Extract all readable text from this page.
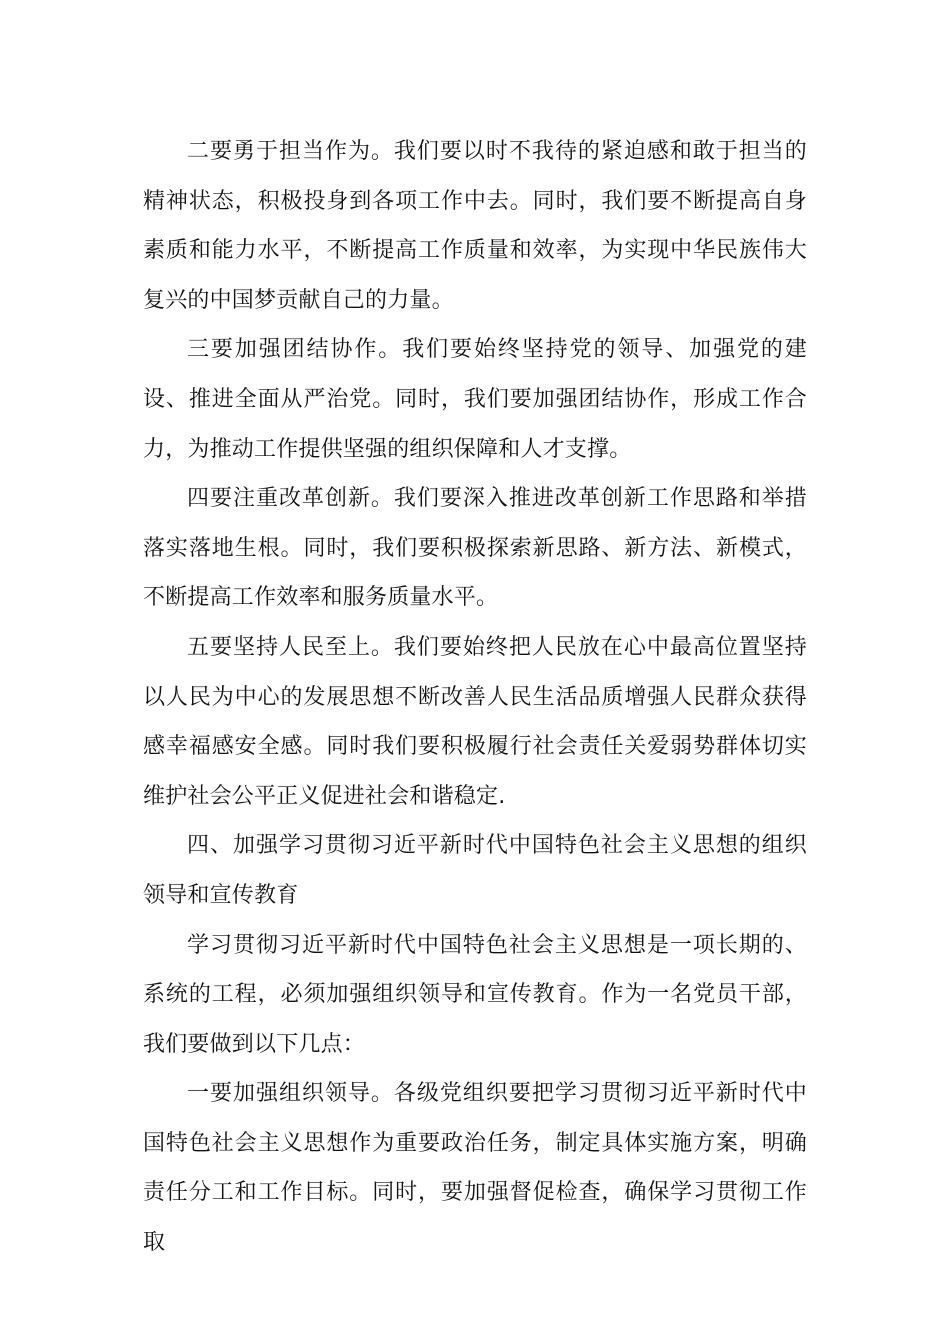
二要勇于担当作为。我们要以时不我待的紧迫感和敢于担当的精神状态，积极投身到各项工作中去。同时，我们要不断提高自身素质和能力水平，不断提高工作质量和效率，为实现中华民族伟大复兴的中国梦贡献自己的力量。

三要加强团结协作。我们要始终坚持党的领导、加强党的建设、推进全面从严治党。同时，我们要加强团结协作，形成工作合力，为推动工作提供坚强的组织保障和人才支撑。

四要注重改革创新。我们要深入推进改革创新工作思路和举措落实落地生根。同时，我们要积极探索新思路、新方法、新模式，不断提高工作效率和服务质量水平。

五要坚持人民至上。我们要始终把人民放在心中最高位置坚持以人民为中心的发展思想不断改善人民生活品质增强人民群众获得感幸福感安全感。同时我们要积极履行社会责任关爱弱势群体切实维护社会公平正义促进社会和谐稳定.

四、加强学习贯彻习近平新时代中国特色社会主义思想的组织领导和宣传教育

学习贯彻习近平新时代中国特色社会主义思想是一项长期的、系统的工程，必须加强组织领导和宣传教育。作为一名党员干部，我们要做到以下几点：

一要加强组织领导。各级党组织要把学习贯彻习近平新时代中国特色社会主义思想作为重要政治任务，制定具体实施方案，明确责任分工和工作目标。同时，要加强督促检查，确保学习贯彻工作取
